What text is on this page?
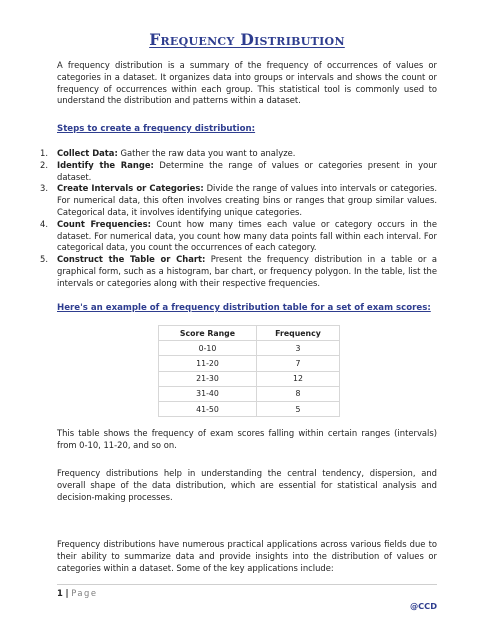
Frequency Distribution

A frequency distribution is a summary of the frequency of occurrences of values or categories in a dataset. It organizes data into groups or intervals and shows the count or frequency of occurrences within each group. This statistical tool is commonly used to understand the distribution and patterns within a dataset.

Steps to create a frequency distribution:

1. Collect Data: Gather the raw data you want to analyze.
2. Identify the Range: Determine the range of values or categories present in your dataset.
3. Create Intervals or Categories: Divide the range of values into intervals or categories. For numerical data, this often involves creating bins or ranges that group similar values. Categorical data, it involves identifying unique categories.
4. Count Frequencies: Count how many times each value or category occurs in the dataset. For numerical data, you count how many data points fall within each interval. For categorical data, you count the occurrences of each category.
5. Construct the Table or Chart: Present the frequency distribution in a table or a graphical form, such as a histogram, bar chart, or frequency polygon. In the table, list the intervals or categories along with their respective frequencies.

Here's an example of a frequency distribution table for a set of exam scores:

Score Range	Frequency
0-10	3
11-20	7
21-30	12
31-40	8
41-50	5

This table shows the frequency of exam scores falling within certain ranges (intervals) from 0-10, 11-20, and so on.

Frequency distributions help in understanding the central tendency, dispersion, and overall shape of the data distribution, which are essential for statistical analysis and decision-making processes.

Frequency distributions have numerous practical applications across various fields due to their ability to summarize data and provide insights into the distribution of values or categories within a dataset. Some of the key applications include:

1 | Page
@CCD
